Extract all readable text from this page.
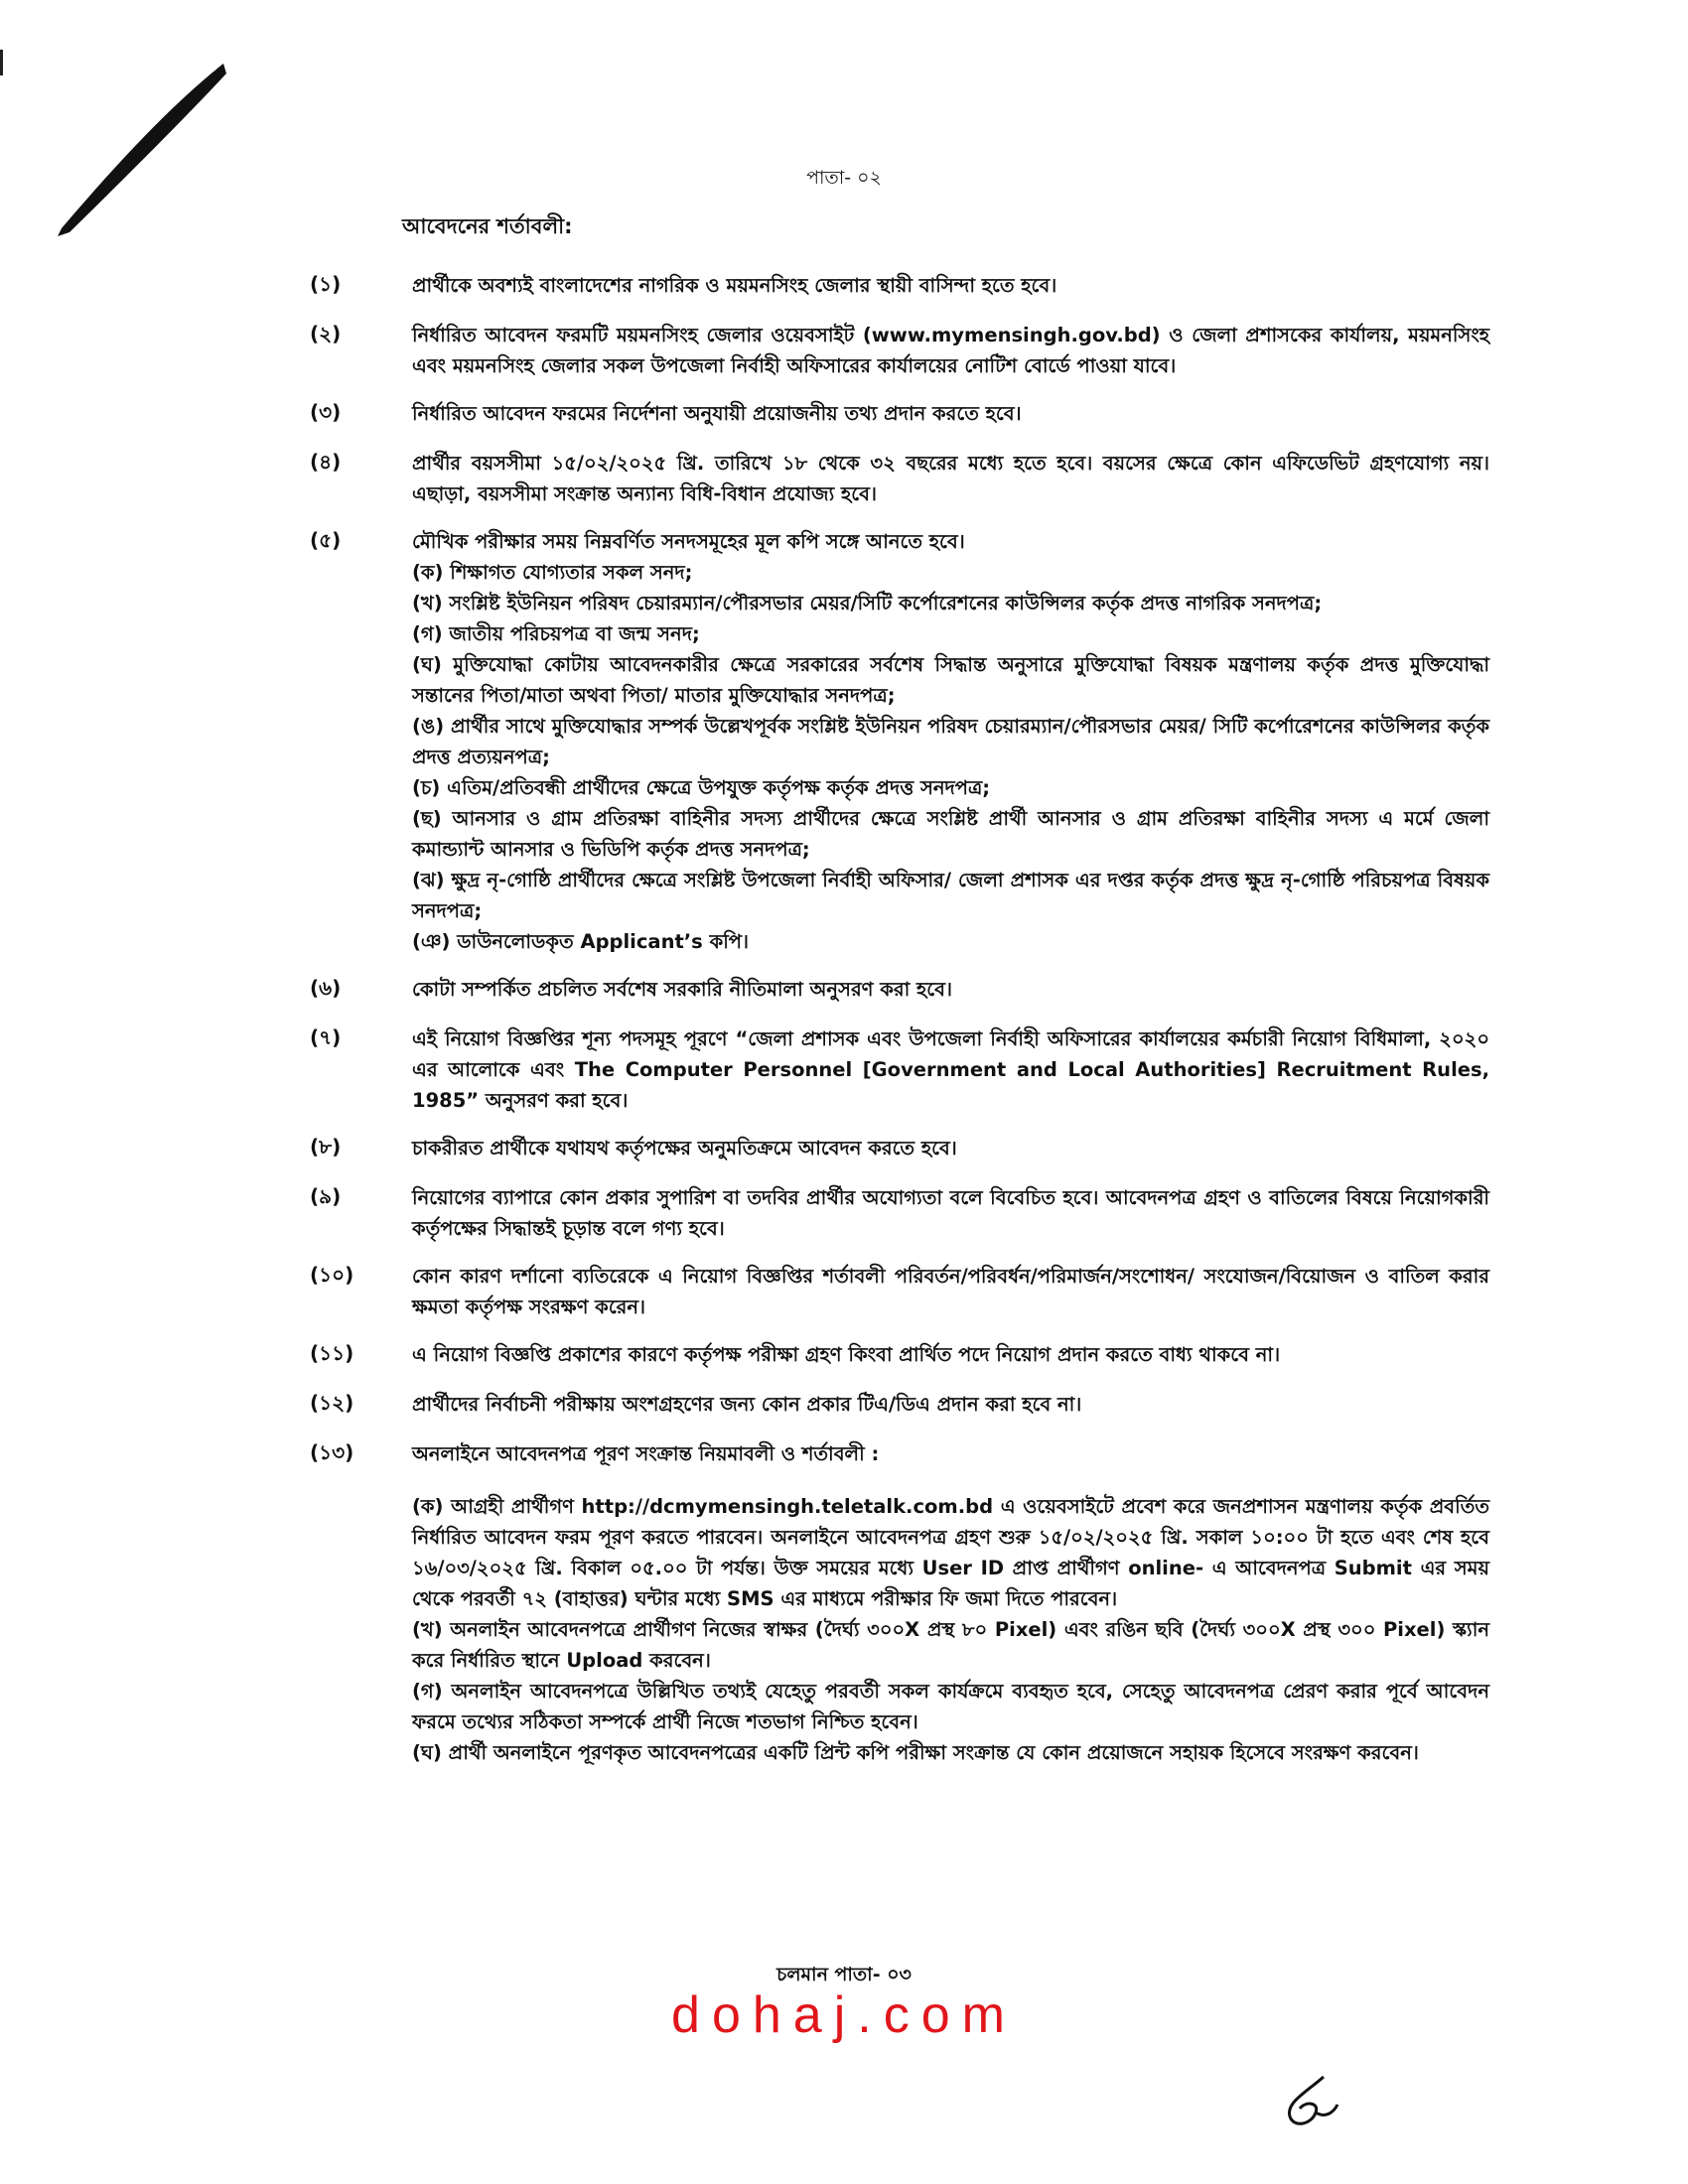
পাতা- ০২
আবেদনের শর্তাবলী:
(১)	প্রার্থীকে অবশ্যই বাংলাদেশের নাগরিক ও ময়মনসিংহ জেলার স্থায়ী বাসিন্দা হতে হবে।
(২)	নির্ধারিত আবেদন ফরমটি ময়মনসিংহ জেলার ওয়েবসাইট (www.mymensingh.gov.bd) ও জেলা প্রশাসকের কার্যালয়, ময়মনসিংহ এবং ময়মনসিংহ জেলার সকল উপজেলা নির্বাহী অফিসারের কার্যালয়ের নোটিশ বোর্ডে পাওয়া যাবে।
(৩)	নির্ধারিত আবেদন ফরমের নির্দেশনা অনুযায়ী প্রয়োজনীয় তথ্য প্রদান করতে হবে।
(৪)	প্রার্থীর বয়সসীমা ১৫/০২/২০২৫ খ্রি. তারিখে ১৮ থেকে ৩২ বছরের মধ্যে হতে হবে। বয়সের ক্ষেত্রে কোন এফিডেভিট গ্রহণযোগ্য নয়। এছাড়া, বয়সসীমা সংক্রান্ত অন্যান্য বিধি-বিধান প্রযোজ্য হবে।
(৫)	মৌখিক পরীক্ষার সময় নিম্নবর্ণিত সনদসমূহের মূল কপি সঙ্গে আনতে হবে।
(ক) শিক্ষাগত যোগ্যতার সকল সনদ;
(খ) সংশ্লিষ্ট ইউনিয়ন পরিষদ চেয়ারম্যান/পৌরসভার মেয়র/সিটি কর্পোরেশনের কাউন্সিলর কর্তৃক প্রদত্ত নাগরিক সনদপত্র;
(গ) জাতীয় পরিচয়পত্র বা জন্ম সনদ;
(ঘ) মুক্তিযোদ্ধা কোটায় আবেদনকারীর ক্ষেত্রে সরকারের সর্বশেষ সিদ্ধান্ত অনুসারে মুক্তিযোদ্ধা বিষয়ক মন্ত্রণালয় কর্তৃক প্রদত্ত মুক্তিযোদ্ধা সন্তানের পিতা/মাতা অথবা পিতা/ মাতার মুক্তিযোদ্ধার সনদপত্র;
(ঙ) প্রার্থীর সাথে মুক্তিযোদ্ধার সম্পর্ক উল্লেখপূর্বক সংশ্লিষ্ট ইউনিয়ন পরিষদ চেয়ারম্যান/পৌরসভার মেয়র/ সিটি কর্পোরেশনের কাউন্সিলর কর্তৃক প্রদত্ত প্রত্যয়নপত্র;
(চ) এতিম/প্রতিবন্ধী প্রার্থীদের ক্ষেত্রে উপযুক্ত কর্তৃপক্ষ কর্তৃক প্রদত্ত সনদপত্র;
(ছ) আনসার ও গ্রাম প্রতিরক্ষা বাহিনীর সদস্য প্রার্থীদের ক্ষেত্রে সংশ্লিষ্ট প্রার্থী আনসার ও গ্রাম প্রতিরক্ষা বাহিনীর সদস্য এ মর্মে জেলা কমান্ড্যান্ট আনসার ও ভিডিপি কর্তৃক প্রদত্ত সনদপত্র;
(ঝ) ক্ষুদ্র নৃ-গোষ্ঠি প্রার্থীদের ক্ষেত্রে সংশ্লিষ্ট উপজেলা নির্বাহী অফিসার/ জেলা প্রশাসক এর দপ্তর কর্তৃক প্রদত্ত ক্ষুদ্র নৃ-গোষ্ঠি পরিচয়পত্র বিষয়ক সনদপত্র;
(ঞ) ডাউনলোডকৃত Applicant’s কপি।
(৬)	কোটা সম্পর্কিত প্রচলিত সর্বশেষ সরকারি নীতিমালা অনুসরণ করা হবে।
(৭)	এই নিয়োগ বিজ্ঞপ্তির শূন্য পদসমূহ পূরণে “জেলা প্রশাসক এবং উপজেলা নির্বাহী অফিসারের কার্যালয়ের কর্মচারী নিয়োগ বিধিমালা, ২০২০ এর আলোকে এবং The Computer Personnel [Government and Local Authorities] Recruitment Rules, 1985” অনুসরণ করা হবে।
(৮)	চাকরীরত প্রার্থীকে যথাযথ কর্তৃপক্ষের অনুমতিক্রমে আবেদন করতে হবে।
(৯)	নিয়োগের ব্যাপারে কোন প্রকার সুপারিশ বা তদবির প্রার্থীর অযোগ্যতা বলে বিবেচিত হবে। আবেদনপত্র গ্রহণ ও বাতিলের বিষয়ে নিয়োগকারী কর্তৃপক্ষের সিদ্ধান্তই চূড়ান্ত বলে গণ্য হবে।
(১০)	কোন কারণ দর্শানো ব্যতিরেকে এ নিয়োগ বিজ্ঞপ্তির শর্তাবলী পরিবর্তন/পরিবর্ধন/পরিমার্জন/সংশোধন/ সংযোজন/বিয়োজন ও বাতিল করার ক্ষমতা কর্তৃপক্ষ সংরক্ষণ করেন।
(১১)	এ নিয়োগ বিজ্ঞপ্তি প্রকাশের কারণে কর্তৃপক্ষ পরীক্ষা গ্রহণ কিংবা প্রার্থিত পদে নিয়োগ প্রদান করতে বাধ্য থাকবে না।
(১২)	প্রার্থীদের নির্বাচনী পরীক্ষায় অংশগ্রহণের জন্য কোন প্রকার টিএ/ডিএ প্রদান করা হবে না।
(১৩)	অনলাইনে আবেদনপত্র পূরণ সংক্রান্ত নিয়মাবলী ও শর্তাবলী :
(ক) আগ্রহী প্রার্থীগণ http://dcmymensingh.teletalk.com.bd এ ওয়েবসাইটে প্রবেশ করে জনপ্রশাসন মন্ত্রণালয় কর্তৃক প্রবর্তিত নির্ধারিত আবেদন ফরম পূরণ করতে পারবেন। অনলাইনে আবেদনপত্র গ্রহণ শুরু ১৫/০২/২০২৫ খ্রি. সকাল ১০:০০ টা হতে এবং শেষ হবে ১৬/০৩/২০২৫ খ্রি. বিকাল ০৫.০০ টা পর্যন্ত। উক্ত সময়ের মধ্যে User ID প্রাপ্ত প্রার্থীগণ online- এ আবেদনপত্র Submit এর সময় থেকে পরবর্তী ৭২ (বাহাত্তর) ঘন্টার মধ্যে SMS এর মাধ্যমে পরীক্ষার ফি জমা দিতে পারবেন।
(খ) অনলাইন আবেদনপত্রে প্রার্থীগণ নিজের স্বাক্ষর (দৈর্ঘ্য ৩০০X প্রস্থ ৮০ Pixel) এবং রঙিন ছবি (দৈর্ঘ্য ৩০০X প্রস্থ ৩০০ Pixel) স্ক্যান করে নির্ধারিত স্থানে Upload করবেন।
(গ) অনলাইন আবেদনপত্রে উল্লিখিত তথ্যই যেহেতু পরবর্তী সকল কার্যক্রমে ব্যবহৃত হবে, সেহেতু আবেদনপত্র প্রেরণ করার পূর্বে আবেদন ফরমে তথ্যের সঠিকতা সম্পর্কে প্রার্থী নিজে শতভাগ নিশ্চিত হবেন।
(ঘ) প্রার্থী অনলাইনে পূরণকৃত আবেদনপত্রের একটি প্রিন্ট কপি পরীক্ষা সংক্রান্ত যে কোন প্রয়োজনে সহায়ক হিসেবে সংরক্ষণ করবেন।
চলমান পাতা- ০৩
dohaj.com
